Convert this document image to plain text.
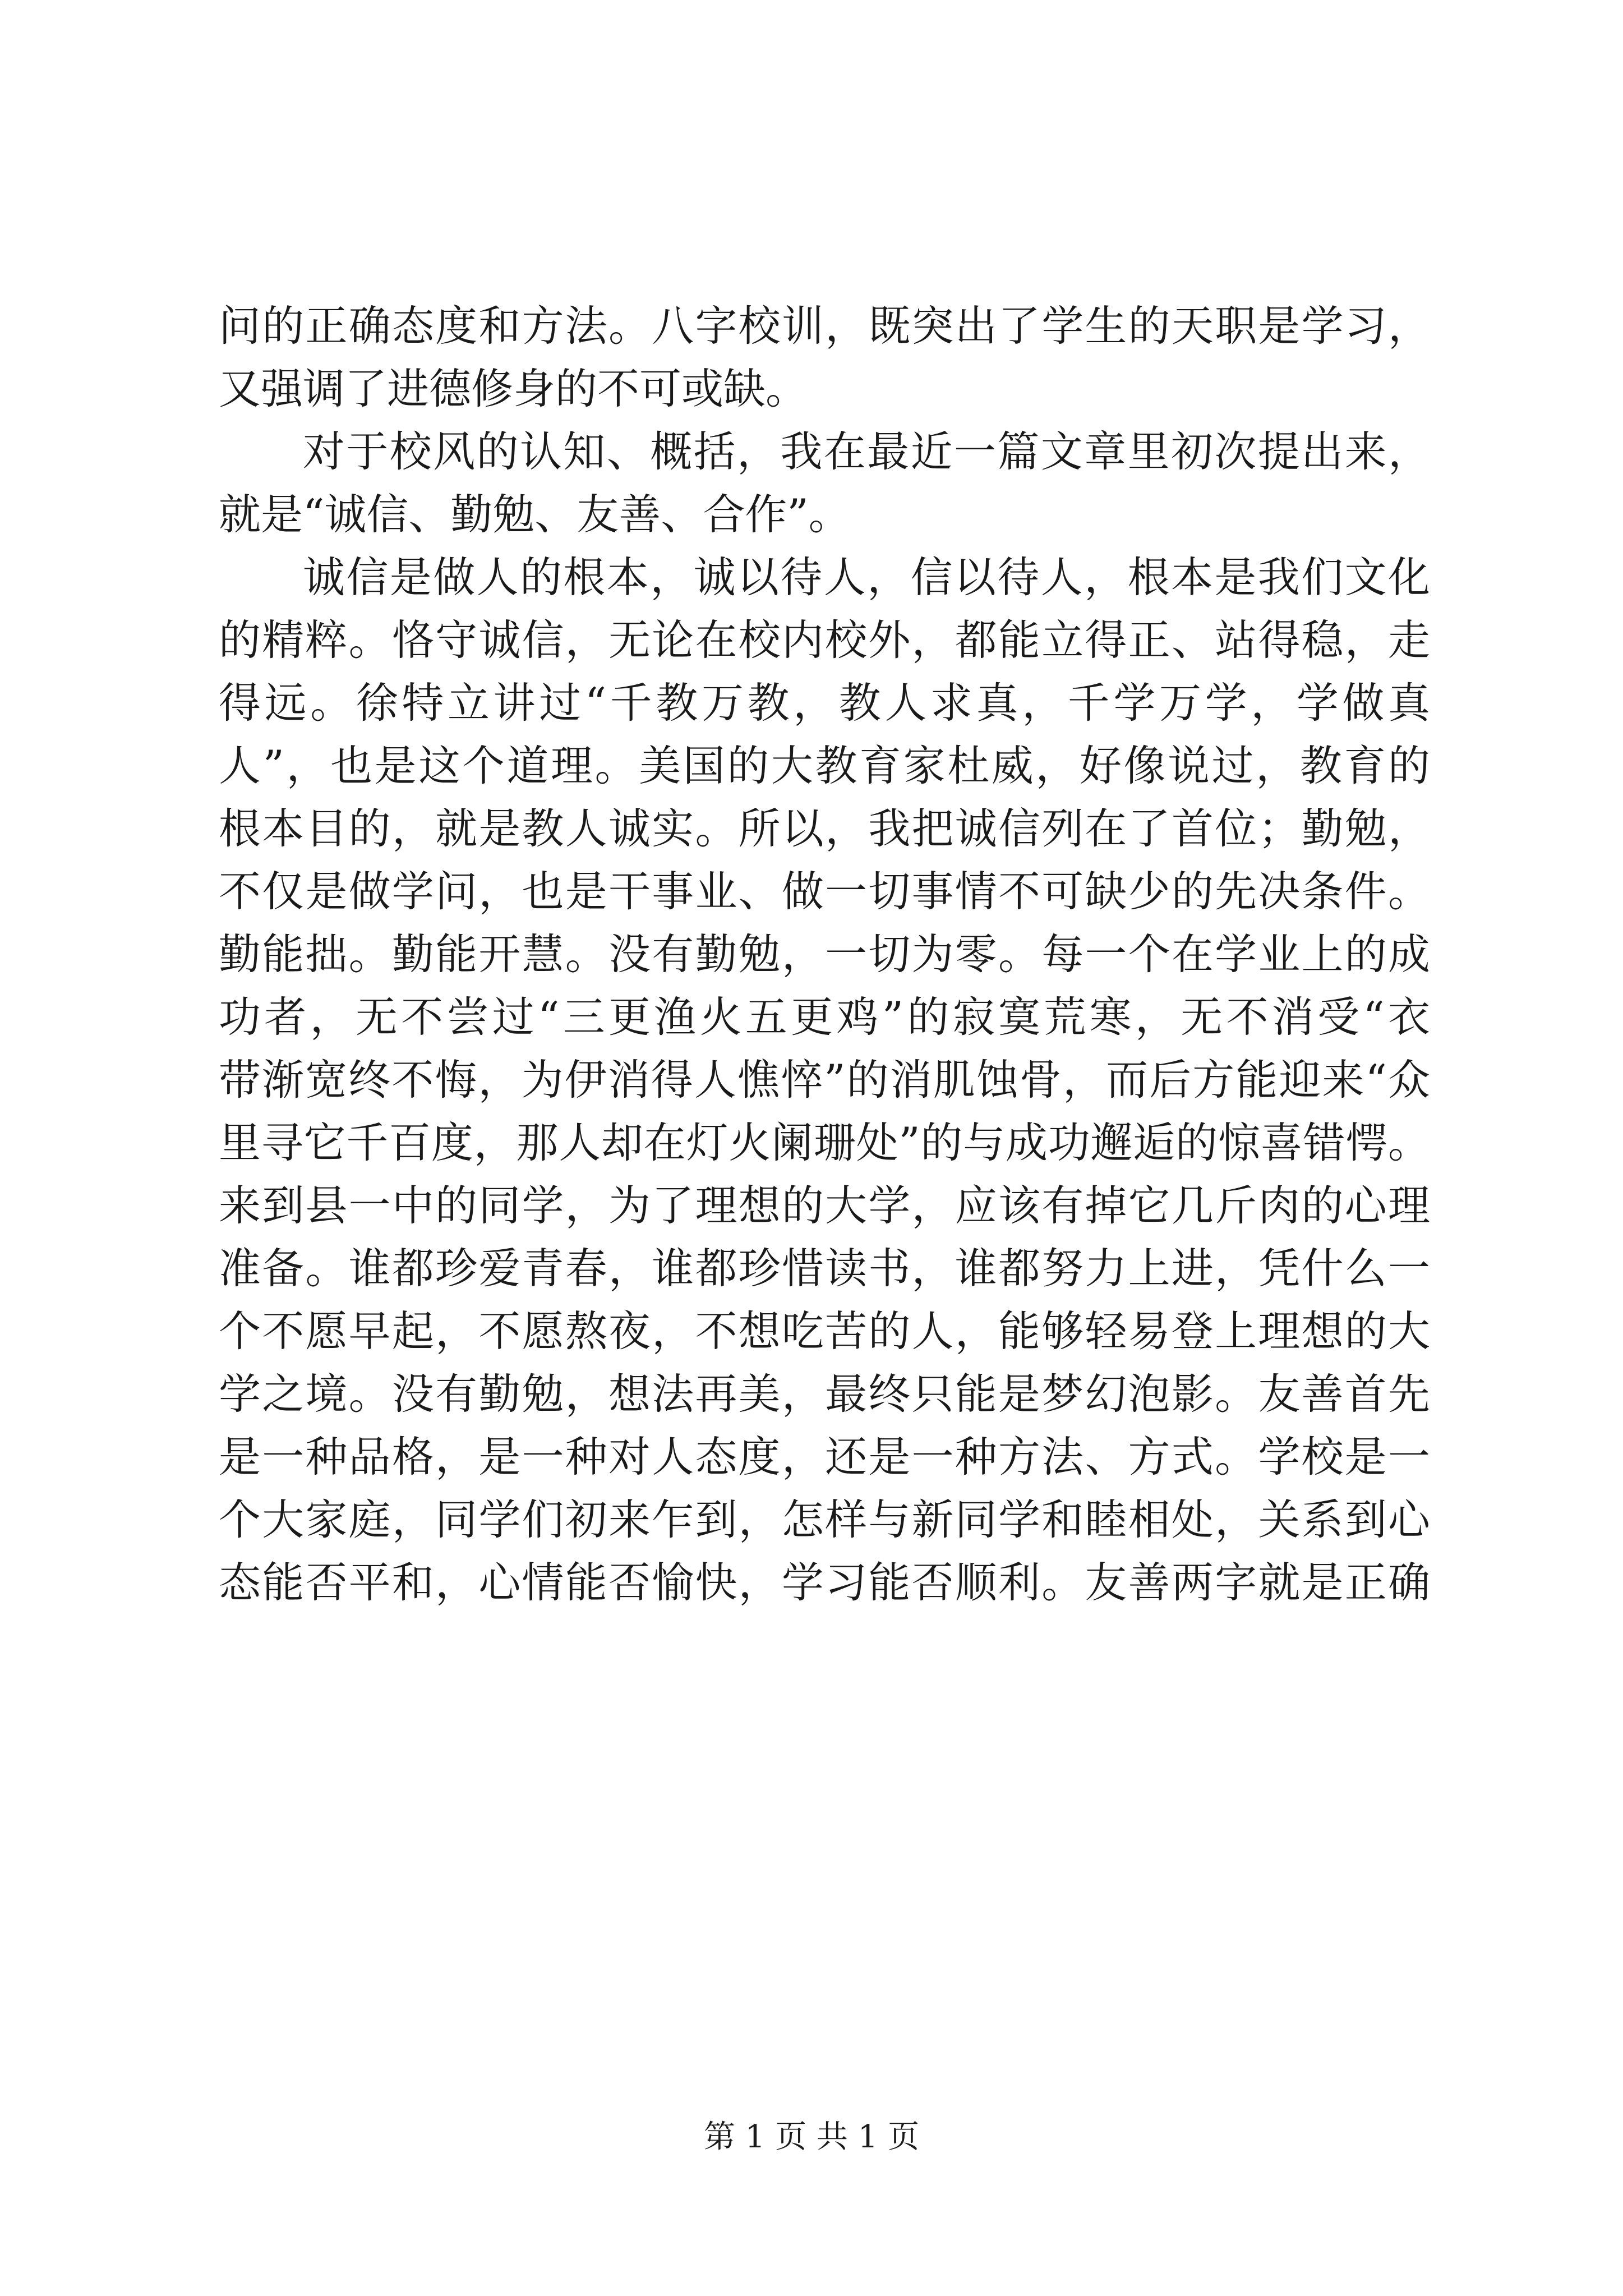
问的正确态度和方法。八字校训，既突出了学生的天职是学习，
又强调了进德修身的不可或缺。
对于校风的认知、概括，我在最近一篇文章里初次提出来，
就是“诚信、勤勉、友善、合作”。
诚信是做人的根本，诚以待人，信以待人，根本是我们文化
的精粹。恪守诚信，无论在校内校外，都能立得正、站得稳，走
得远。徐特立讲过“千教万教，教人求真，千学万学，学做真
人”，也是这个道理。美国的大教育家杜威，好像说过，教育的
根本目的，就是教人诚实。所以，我把诚信列在了首位；勤勉，
不仅是做学问，也是干事业、做一切事情不可缺少的先决条件。
勤能拙。勤能开慧。没有勤勉，一切为零。每一个在学业上的成
功者，无不尝过“三更渔火五更鸡”的寂寞荒寒，无不消受“衣
带渐宽终不悔，为伊消得人憔悴”的消肌蚀骨，而后方能迎来“众
里寻它千百度，那人却在灯火阑珊处”的与成功邂逅的惊喜错愕。
来到县一中的同学，为了理想的大学，应该有掉它几斤肉的心理
准备。谁都珍爱青春，谁都珍惜读书，谁都努力上进，凭什么一
个不愿早起，不愿熬夜，不想吃苦的人，能够轻易登上理想的大
学之境。没有勤勉，想法再美，最终只能是梦幻泡影。友善首先
是一种品格，是一种对人态度，还是一种方法、方式。学校是一
个大家庭，同学们初来乍到，怎样与新同学和睦相处，关系到心
态能否平和，心情能否愉快，学习能否顺利。友善两字就是正确
第 1 页 共 1 页
